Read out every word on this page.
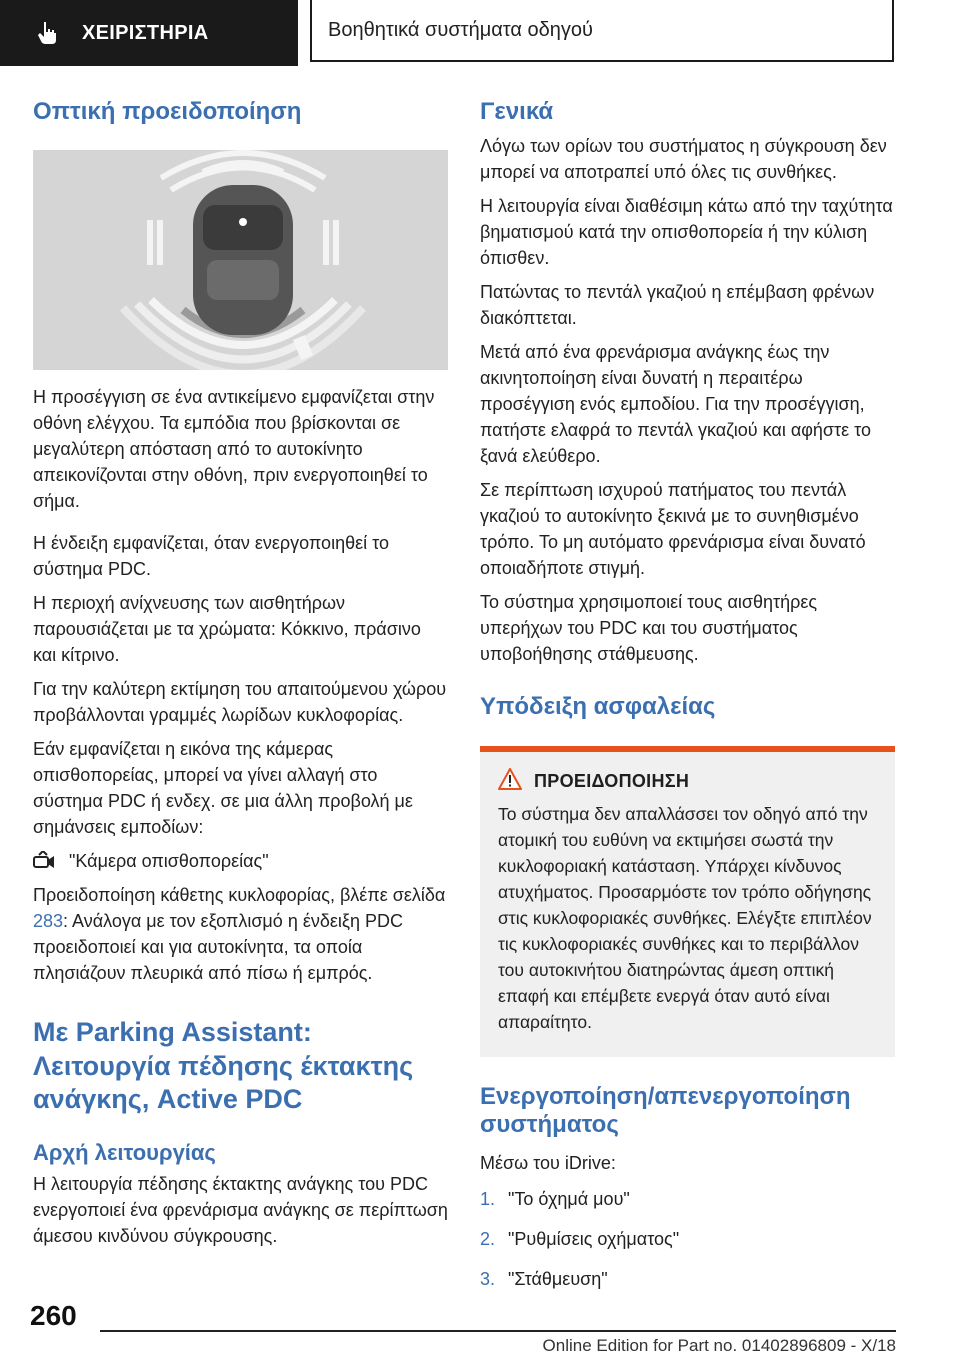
ΧΕΙΡΙΣΤΗΡΙΑ	Βοηθητικά συστήματα οδηγού
Οπτική προειδοποίηση

Η προσέγγιση σε ένα αντικείμενο εμφανίζεται στην οθόνη ελέγχου. Τα εμπόδια που βρίσκονται σε μεγαλύτερη απόσταση από το αυτοκίνητο απεικονίζονται στην οθόνη, πριν ενεργοποιηθεί το σήμα.

Η ένδειξη εμφανίζεται, όταν ενεργοποιηθεί το σύστημα PDC.

Η περιοχή ανίχνευσης των αισθητήρων παρουσιάζεται με τα χρώματα: Κόκκινο, πράσινο και κίτρινο.

Για την καλύτερη εκτίμηση του απαιτούμενου χώρου προβάλλονται γραμμές λωρίδων κυκλοφορίας.

Εάν εμφανίζεται η εικόνα της κάμερας οπισθοπορείας, μπορεί να γίνει αλλαγή στο σύστημα PDC ή ενδεχ. σε μια άλλη προβολή με σημάνσεις εμποδίων:

"Κάμερα οπισθοπορείας"

Προειδοποίηση κάθετης κυκλοφορίας, βλέπε σελίδα 283: Ανάλογα με τον εξοπλισμό η ένδειξη PDC προειδοποιεί και για αυτοκίνητα, τα οποία πλησιάζουν πλευρικά από πίσω ή εμπρός.

Με Parking Assistant: Λειτουργία πέδησης έκτακτης ανάγκης, Active PDC
Αρχή λειτουργίας

Η λειτουργία πέδησης έκτακτης ανάγκης του PDC ενεργοποιεί ένα φρενάρισμα ανάγκης σε περίπτωση άμεσου κινδύνου σύγκρουσης.

Γενικά

Λόγω των ορίων του συστήματος η σύγκρουση δεν μπορεί να αποτραπεί υπό όλες τις συνθήκες.

Η λειτουργία είναι διαθέσιμη κάτω από την ταχύτητα βηματισμού κατά την οπισθοπορεία ή την κύλιση όπισθεν.

Πατώντας το πεντάλ γκαζιού η επέμβαση φρένων διακόπτεται.

Μετά από ένα φρενάρισμα ανάγκης έως την ακινητοποίηση είναι δυνατή η περαιτέρω προσέγγιση ενός εμποδίου. Για την προσέγγιση, πατήστε ελαφρά το πεντάλ γκαζιού και αφήστε το ξανά ελεύθερο.

Σε περίπτωση ισχυρού πατήματος του πεντάλ γκαζιού το αυτοκίνητο ξεκινά με το συνηθισμένο τρόπο. Το μη αυτόματο φρενάρισμα είναι δυνατό οποιαδήποτε στιγμή.

Το σύστημα χρησιμοποιεί τους αισθητήρες υπερήχων του PDC και του συστήματος υποβοήθησης στάθμευσης.

Υπόδειξη ασφαλείας
ΠΡΟΕΙΔΟΠΟΙΗΣΗ

Το σύστημα δεν απαλλάσσει τον οδηγό από την ατομική του ευθύνη να εκτιμήσει σωστά την κυκλοφοριακή κατάσταση. Υπάρχει κίνδυνος ατυχήματος. Προσαρμόστε τον τρόπο οδήγησης στις κυκλοφοριακές συνθήκες. Ελέγξτε επιπλέον τις κυκλοφοριακές συνθήκες και το περιβάλλον του αυτοκινήτου διατηρώντας άμεση οπτική επαφή και επέμβετε ενεργά όταν αυτό είναι απαραίτητο.

Ενεργοποίηση/απενεργοποίηση συστήματος

Μέσω του iDrive:

1. "Το όχημά μου"
2. "Ρυθμίσεις οχήματος"
3. "Στάθμευση"
260
Online Edition for Part no. 01402896809 - X/18
